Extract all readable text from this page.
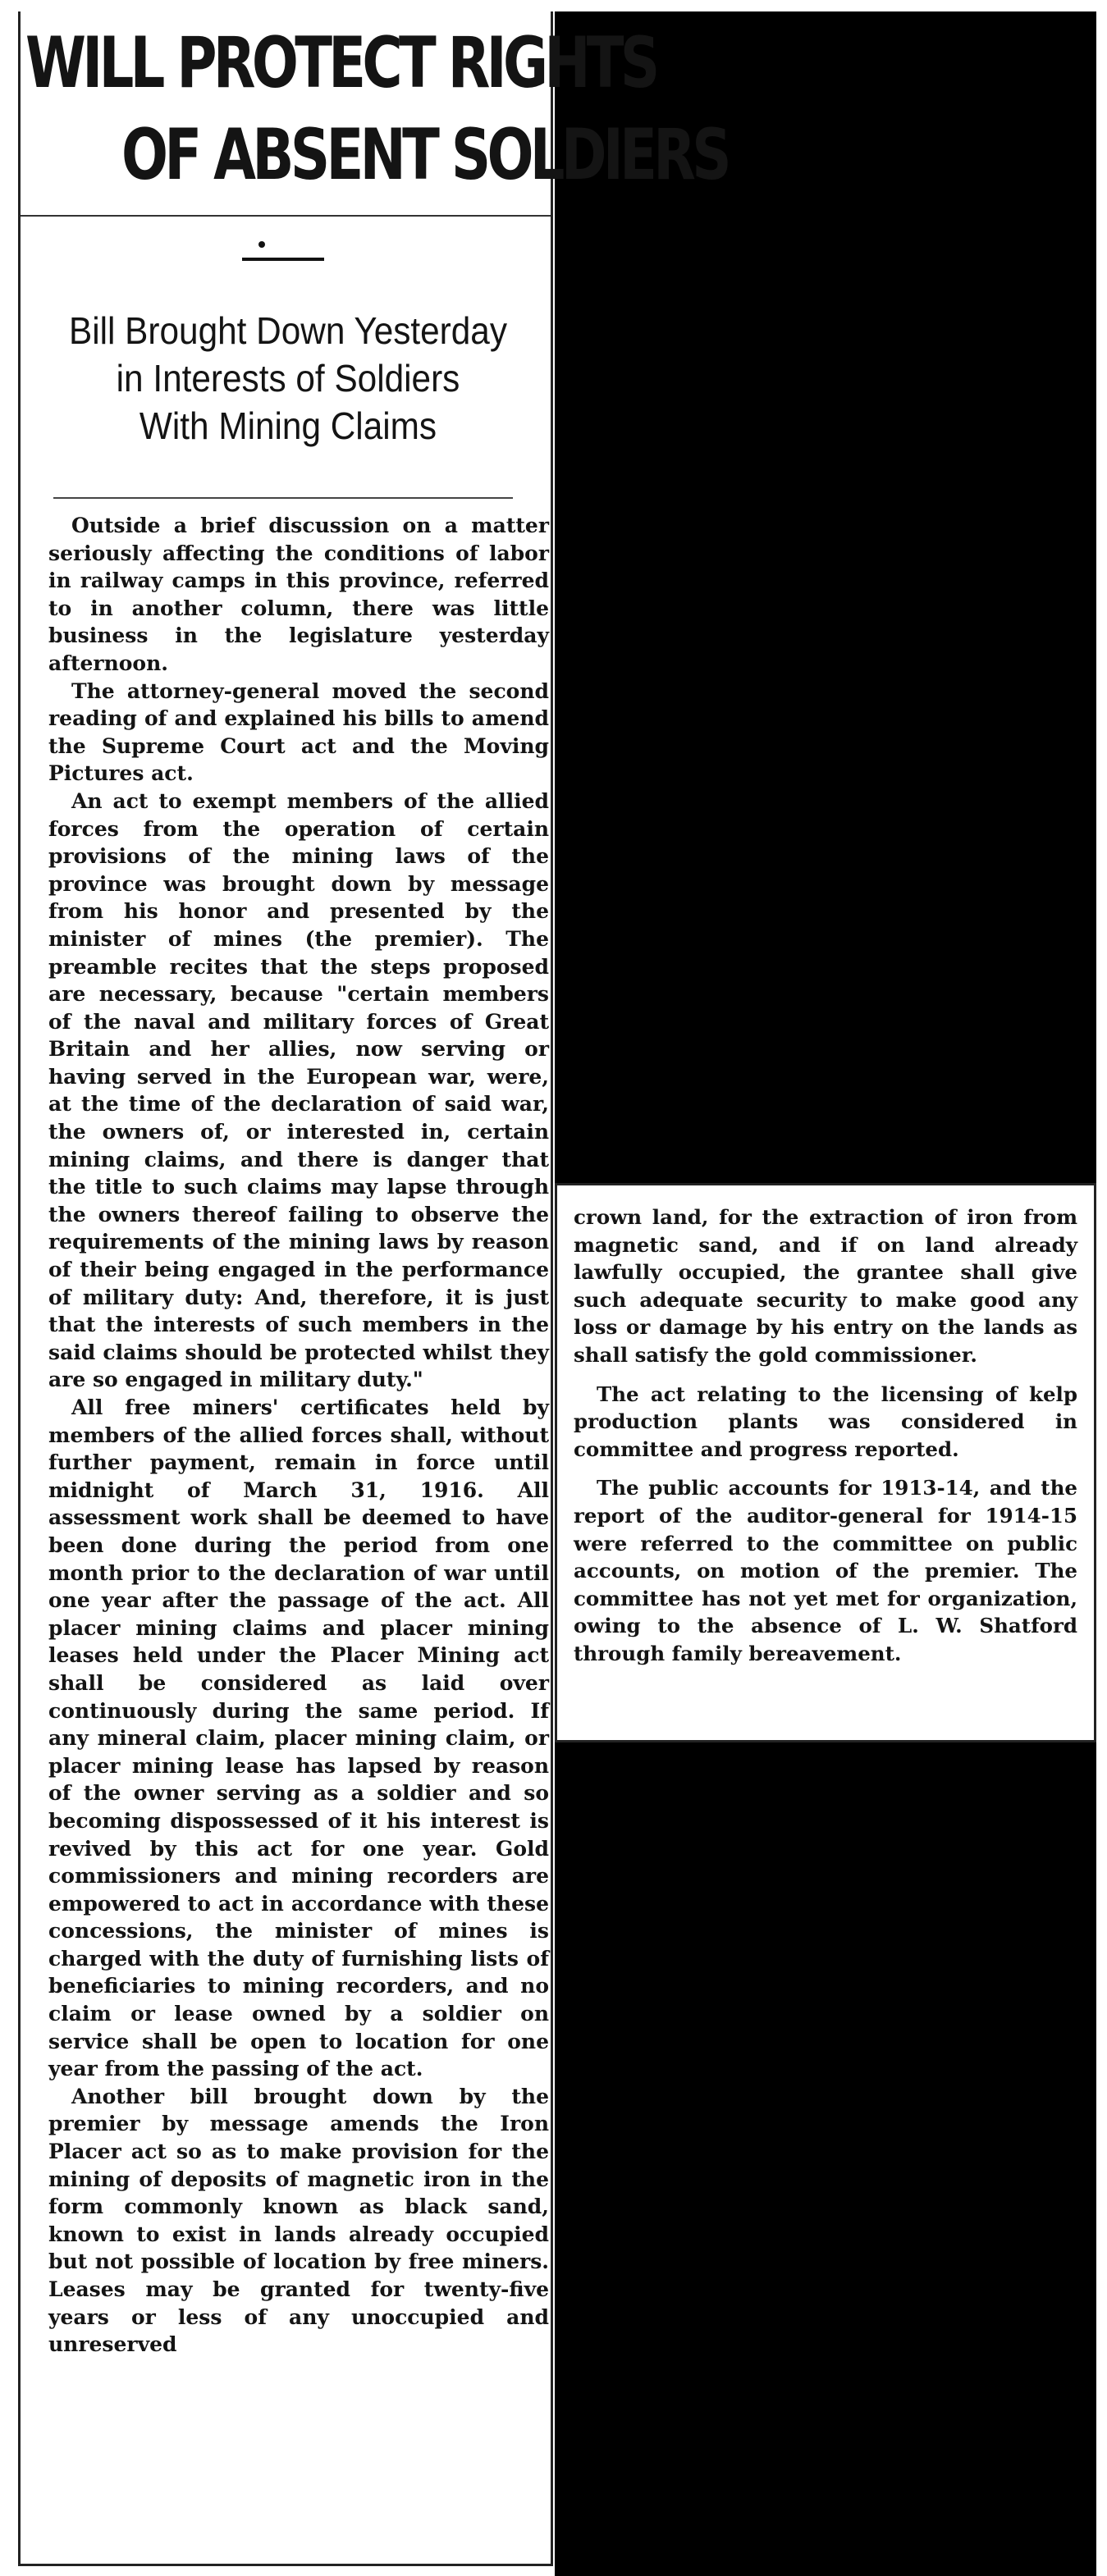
WILL PROTECT RIGHTS
OF ABSENT SOLDIERS
Bill Brought Down Yesterday
in Interests of Soldiers
With Mining Claims

Outside a brief discussion on a matter seriously affecting the conditions of labor in railway camps in this province, referred to in another column, there was little business in the legislature yesterday afternoon.

The attorney-general moved the second reading of and explained his bills to amend the Supreme Court act and the Moving Pictures act.

An act to exempt members of the allied forces from the operation of certain provisions of the mining laws of the province was brought down by message from his honor and presented by the minister of mines (the premier). The preamble recites that the steps proposed are necessary, because "certain members of the naval and military forces of Great Britain and her allies, now serving or having served in the European war, were, at the time of the declaration of said war, the owners of, or interested in, certain mining claims, and there is danger that the title to such claims may lapse through the owners thereof failing to observe the requirements of the mining laws by reason of their being engaged in the performance of military duty: And, therefore, it is just that the interests of such members in the said claims should be protected whilst they are so engaged in military duty."

All free miners' certificates held by members of the allied forces shall, without further payment, remain in force until midnight of March 31, 1916. All assessment work shall be deemed to have been done during the period from one month prior to the declaration of war until one year after the passage of the act. All placer mining claims and placer mining leases held under the Placer Mining act shall be considered as laid over continuously during the same period. If any mineral claim, placer mining claim, or placer mining lease has lapsed by reason of the owner serving as a soldier and so becoming dispossessed of it his interest is revived by this act for one year. Gold commissioners and mining recorders are empowered to act in accordance with these concessions, the minister of mines is charged with the duty of furnishing lists of beneficiaries to mining recorders, and no claim or lease owned by a soldier on service shall be open to location for one year from the passing of the act.

Another bill brought down by the premier by message amends the Iron Placer act so as to make provision for the mining of deposits of magnetic iron in the form commonly known as black sand, known to exist in lands already occupied but not possible of location by free miners. Leases may be granted for twenty-five years or less of any unoccupied and unreserved

crown land, for the extraction of iron from magnetic sand, and if on land already lawfully occupied, the grantee shall give such adequate security to make good any loss or damage by his entry on the lands as shall satisfy the gold commissioner.

The act relating to the licensing of kelp production plants was considered in committee and progress reported.

The public accounts for 1913-14, and the report of the auditor-general for 1914-15 were referred to the committee on public accounts, on motion of the premier. The committee has not yet met for organization, owing to the absence of L. W. Shatford through family bereavement.
